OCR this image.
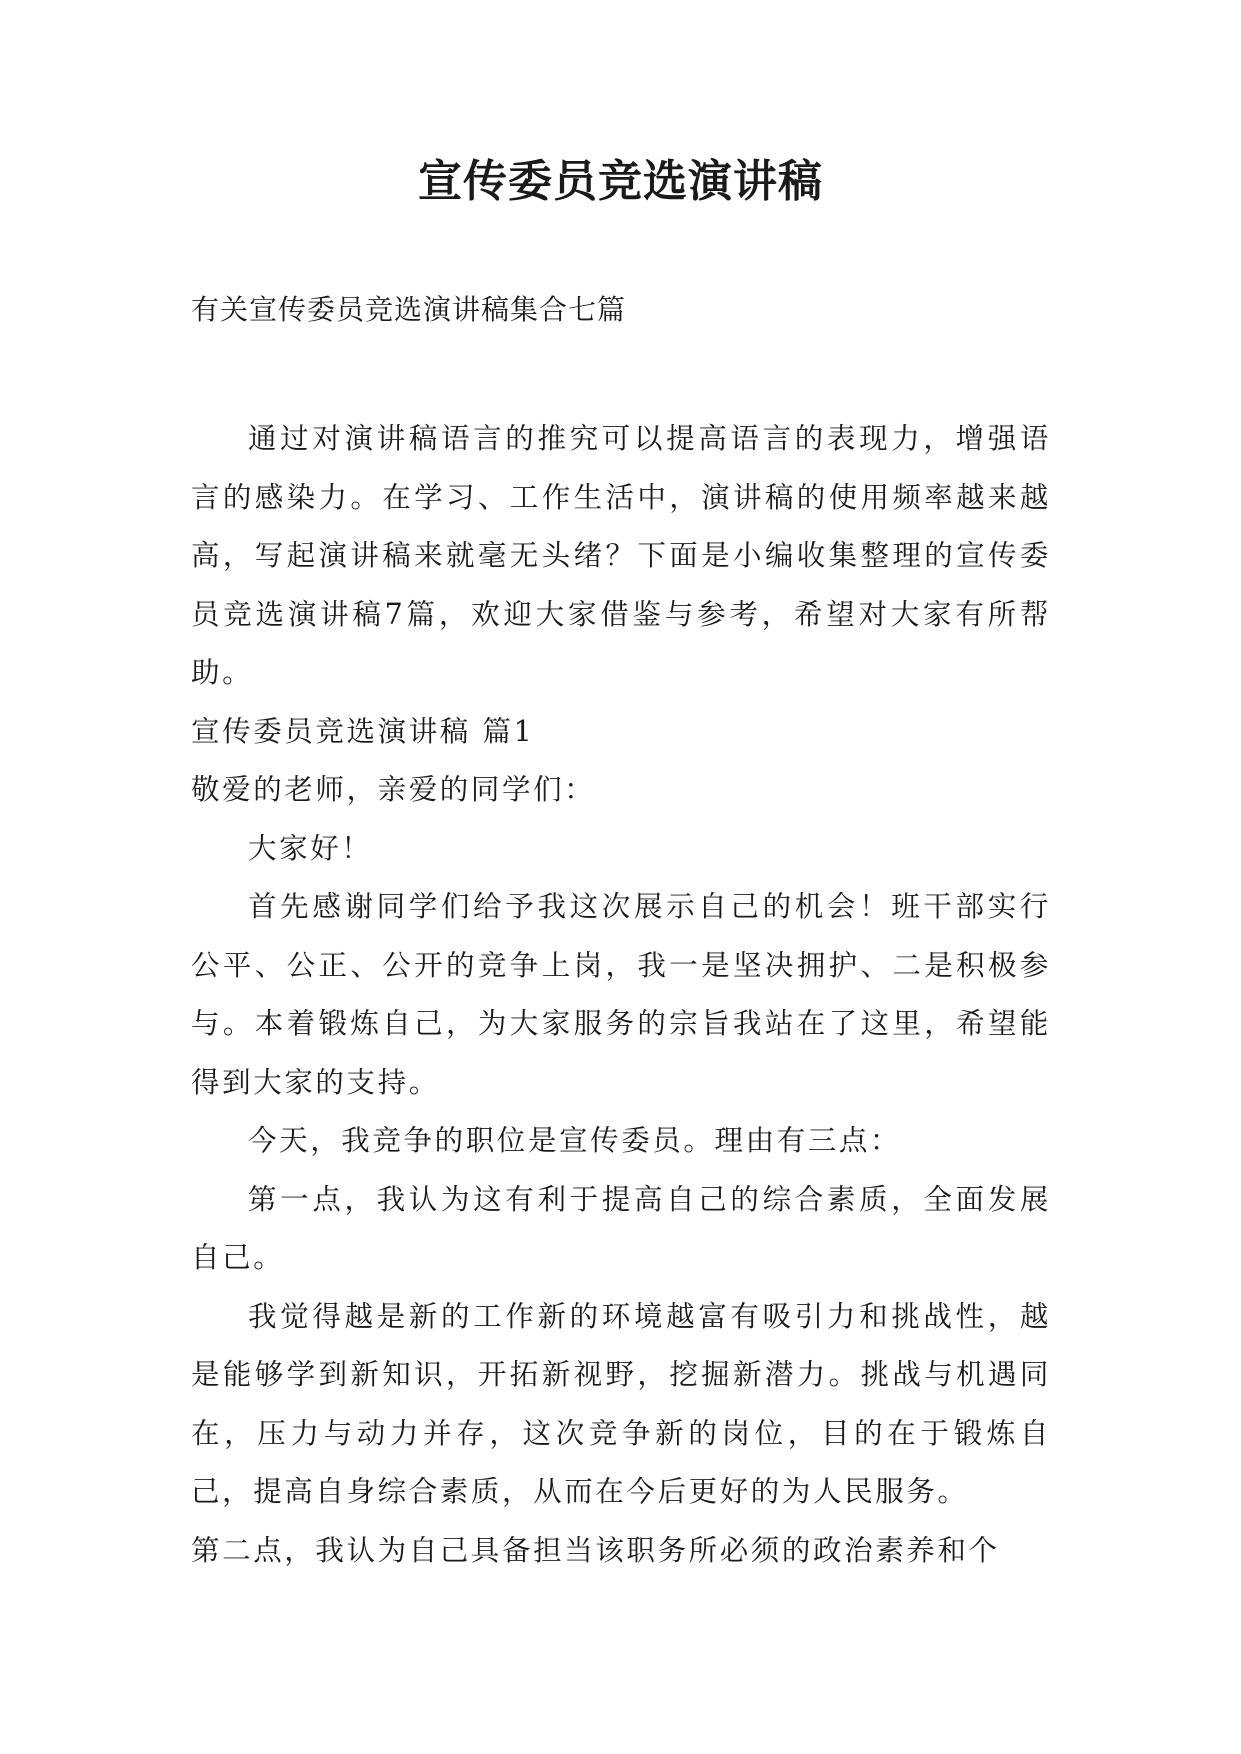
宣传委员竞选演讲稿
有关宣传委员竞选演讲稿集合七篇

通过对演讲稿语言的推究可以提高语言的表现力，增强语言的感染力。在学习、工作生活中，演讲稿的使用频率越来越高，写起演讲稿来就毫无头绪？下面是小编收集整理的宣传委员竞选演讲稿7篇，欢迎大家借鉴与参考，希望对大家有所帮助。

宣传委员竞选演讲稿 篇1

敬爱的老师，亲爱的同学们：

大家好！

首先感谢同学们给予我这次展示自己的机会！班干部实行公平、公正、公开的竞争上岗，我一是坚决拥护、二是积极参与。本着锻炼自己，为大家服务的宗旨我站在了这里，希望能得到大家的支持。

今天，我竞争的职位是宣传委员。理由有三点：

第一点，我认为这有利于提高自己的综合素质，全面发展自己。

我觉得越是新的工作新的环境越富有吸引力和挑战性，越是能够学到新知识，开拓新视野，挖掘新潜力。挑战与机遇同在，压力与动力并存，这次竞争新的岗位，目的在于锻炼自己，提高自身综合素质，从而在今后更好的为人民服务。

第二点，我认为自己具备担当该职务所必须的政治素养和个
